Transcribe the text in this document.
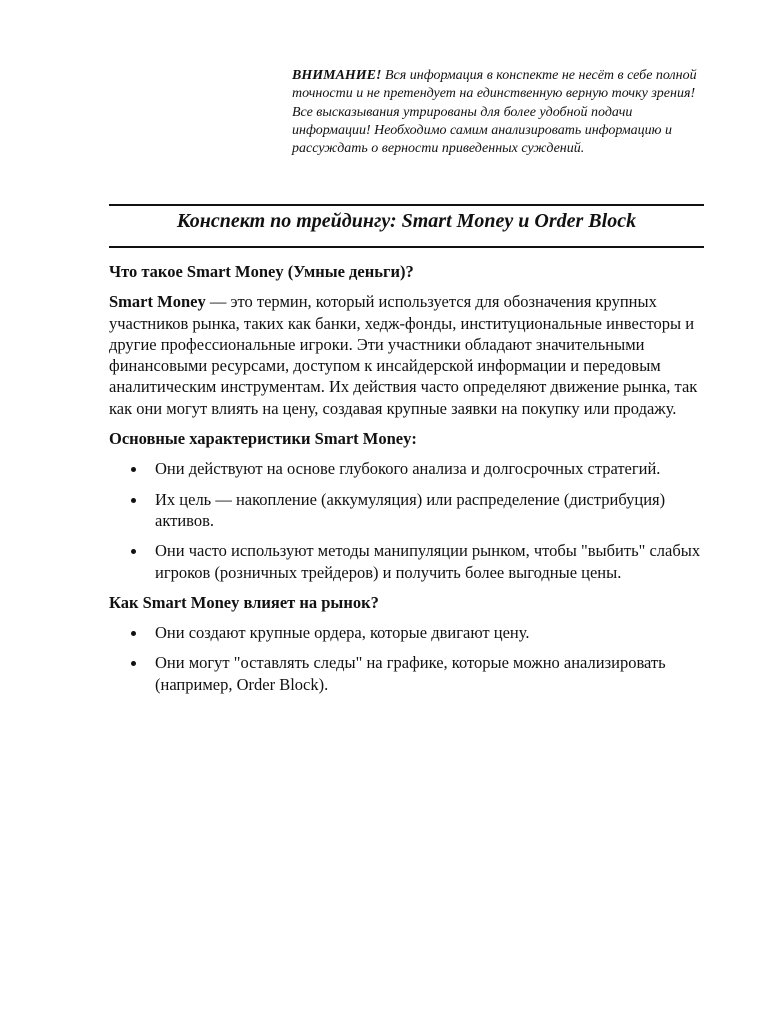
ВНИМАНИЕ! Вся информация в конспекте не несёт в себе полной точности и не претендует на единственную верную точку зрения! Все высказывания утрированы для более удобной подачи информации! Необходимо самим анализировать информацию и рассуждать о верности приведенных суждений.
Конспект по трейдингу: Smart Money и Order Block

Что такое Smart Money (Умные деньги)?

Smart Money — это термин, который используется для обозначения крупных участников рынка, таких как банки, хедж-фонды, институциональные инвесторы и другие профессиональные игроки. Эти участники обладают значительными финансовыми ресурсами, доступом к инсайдерской информации и передовым аналитическим инструментам. Их действия часто определяют движение рынка, так как они могут влиять на цену, создавая крупные заявки на покупку или продажу.

Основные характеристики Smart Money:

Они действуют на основе глубокого анализа и долгосрочных стратегий.
Их цель — накопление (аккумуляция) или распределение (дистрибуция) активов.
Они часто используют методы манипуляции рынком, чтобы "выбить" слабых игроков (розничных трейдеров) и получить более выгодные цены.

Как Smart Money влияет на рынок?

Они создают крупные ордера, которые двигают цену.
Они могут "оставлять следы" на графике, которые можно анализировать (например, Order Block).
